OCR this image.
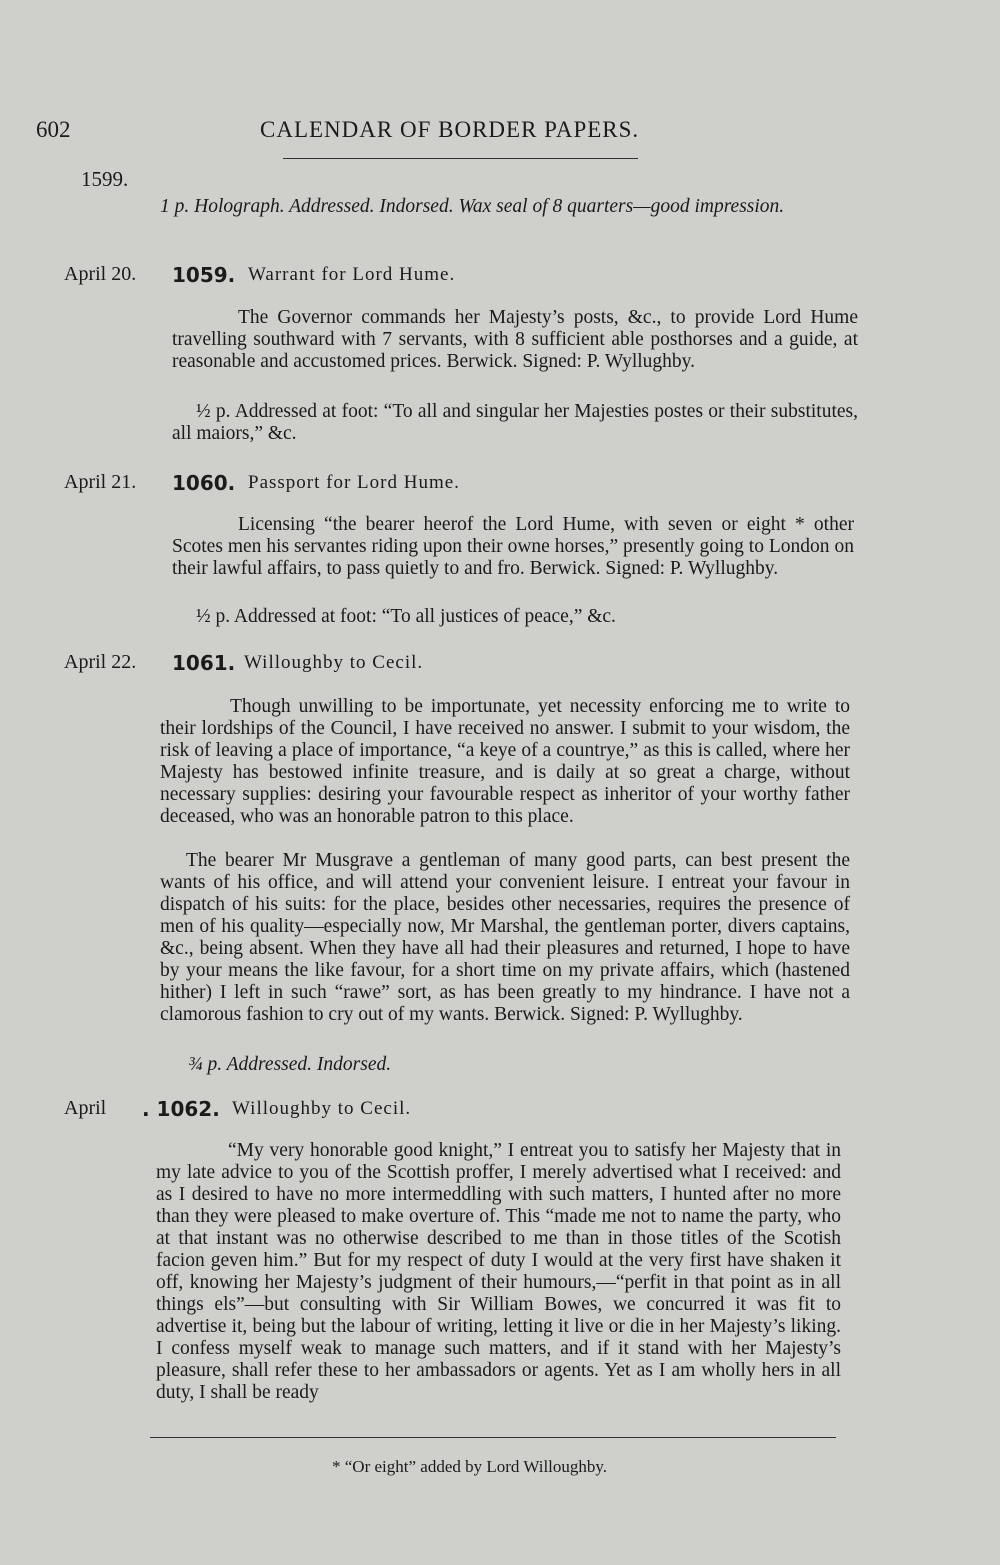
602	CALENDAR OF BORDER PAPERS.
1599.

1 p. Holograph. Addressed. Indorsed. Wax seal of 8 quarters—good impression.

April 20. 1059. Warrant for Lord Hume.

The Governor commands her Majesty’s posts, &c., to provide Lord Hume travelling southward with 7 servants, with 8 sufficient able posthorses and a guide, at reasonable and accustomed prices. Berwick. Signed: P. Wyllughby.

½ p. Addressed at foot: “To all and singular her Majesties postes or their substitutes, all maiors,” &c.

April 21. 1060. Passport for Lord Hume.

Licensing “the bearer heerof the Lord Hume, with seven or eight * other Scotes men his servantes riding upon their owne horses,” presently going to London on their lawful affairs, to pass quietly to and fro. Berwick. Signed: P. Wyllughby.

½ p. Addressed at foot: “To all justices of peace,” &c.

April 22. 1061. Willoughby to Cecil.

Though unwilling to be importunate, yet necessity enforcing me to write to their lordships of the Council, I have received no answer. I submit to your wisdom, the risk of leaving a place of importance, “a keye of a countrye,” as this is called, where her Majesty has bestowed infinite treasure, and is daily at so great a charge, without necessary supplies: desiring your favourable respect as inheritor of your worthy father deceased, who was an honorable patron to this place.

The bearer Mr Musgrave a gentleman of many good parts, can best present the wants of his office, and will attend your convenient leisure. I entreat your favour in dispatch of his suits: for the place, besides other necessaries, requires the presence of men of his quality—especially now, Mr Marshal, the gentleman porter, divers captains, &c., being absent. When they have all had their pleasures and returned, I hope to have by your means the like favour, for a short time on my private affairs, which (hastened hither) I left in such “rawe” sort, as has been greatly to my hindrance. I have not a clamorous fashion to cry out of my wants. Berwick. Signed: P. Wyllughby.

¾ p. Addressed. Indorsed.

April . 1062. Willoughby to Cecil.

“My very honorable good knight,” I entreat you to satisfy her Majesty that in my late advice to you of the Scottish proffer, I merely advertised what I received: and as I desired to have no more intermeddling with such matters, I hunted after no more than they were pleased to make overture of. This “made me not to name the party, who at that instant was no otherwise described to me than in those titles of the Scotish facion geven him.” But for my respect of duty I would at the very first have shaken it off, knowing her Majesty’s judgment of their humours,—“perfit in that point as in all things els”—but consulting with Sir William Bowes, we concurred it was fit to advertise it, being but the labour of writing, letting it live or die in her Majesty’s liking. I confess myself weak to manage such matters, and if it stand with her Majesty’s pleasure, shall refer these to her ambassadors or agents. Yet as I am wholly hers in all duty, I shall be ready

* “Or eight” added by Lord Willoughby.
